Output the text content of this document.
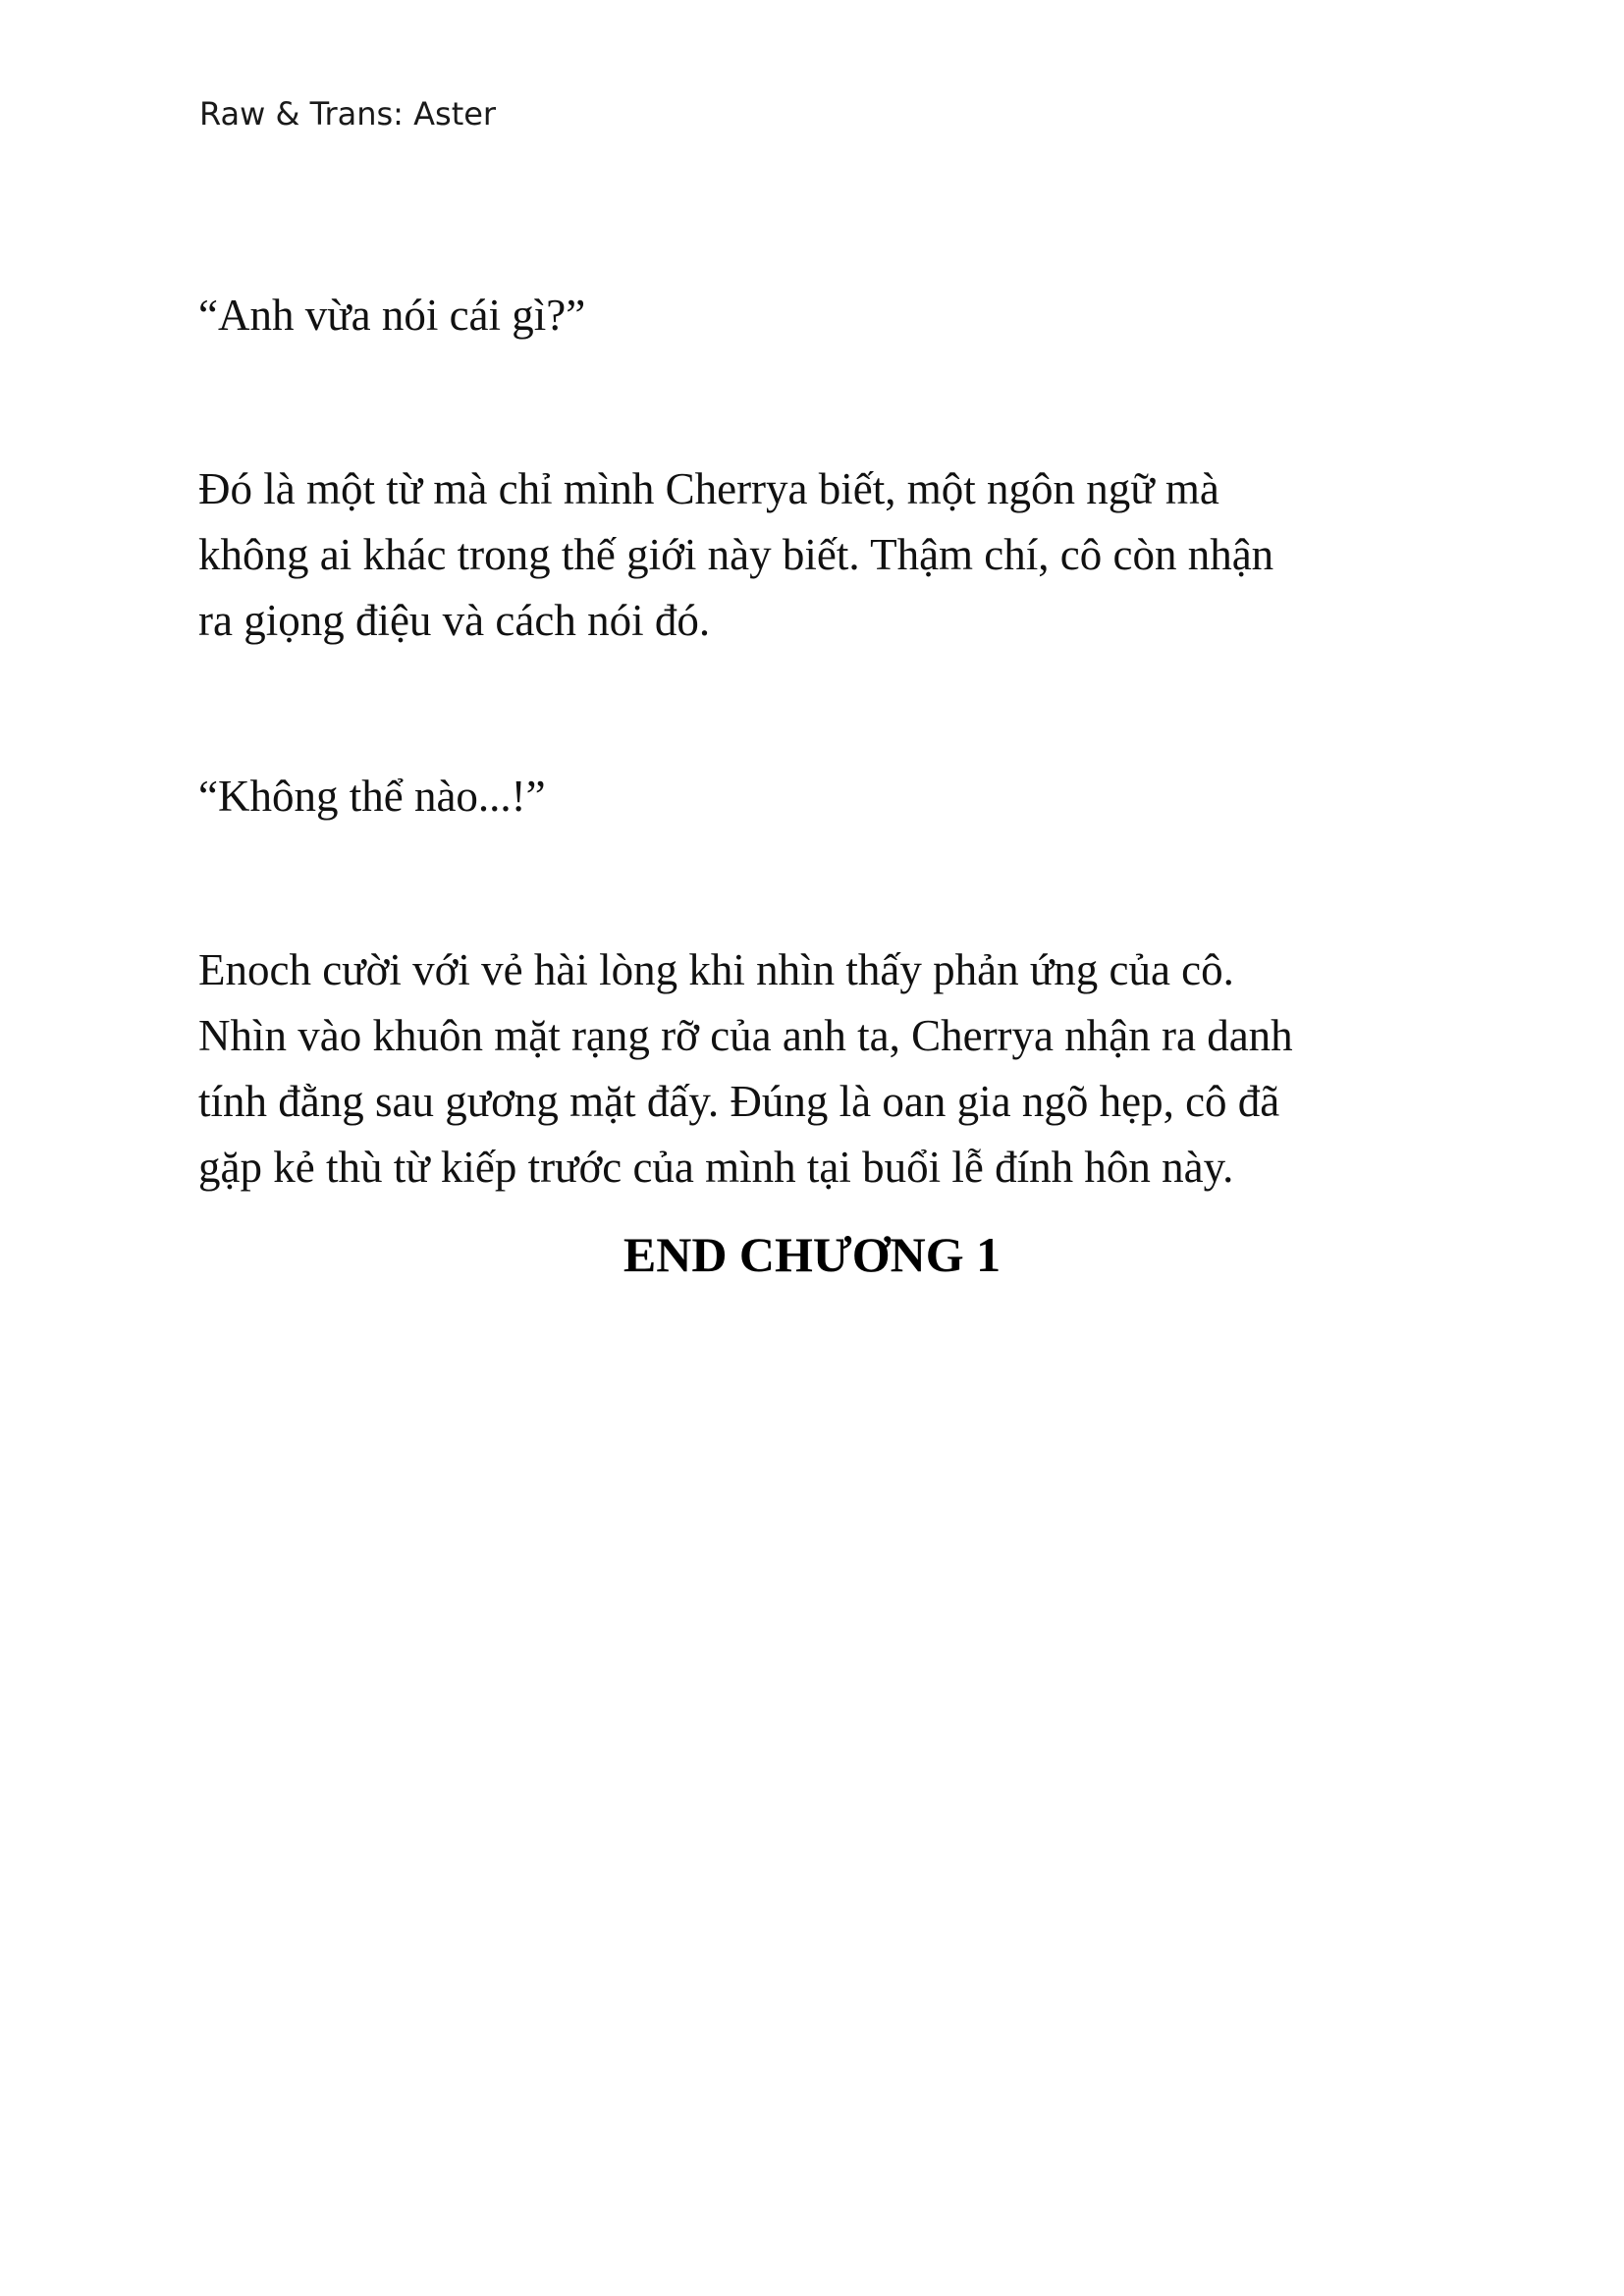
Raw & Trans: Aster

“Anh vừa nói cái gì?”

Đó là một từ mà chỉ mình Cherrya biết, một ngôn ngữ mà
không ai khác trong thế giới này biết. Thậm chí, cô còn nhận
ra giọng điệu và cách nói đó.

“Không thể nào...!”

Enoch cười với vẻ hài lòng khi nhìn thấy phản ứng của cô.
Nhìn vào khuôn mặt rạng rỡ của anh ta, Cherrya nhận ra danh
tính đằng sau gương mặt đấy. Đúng là oan gia ngõ hẹp, cô đã
gặp kẻ thù từ kiếp trước của mình tại buổi lễ đính hôn này.

END CHƯƠNG 1
